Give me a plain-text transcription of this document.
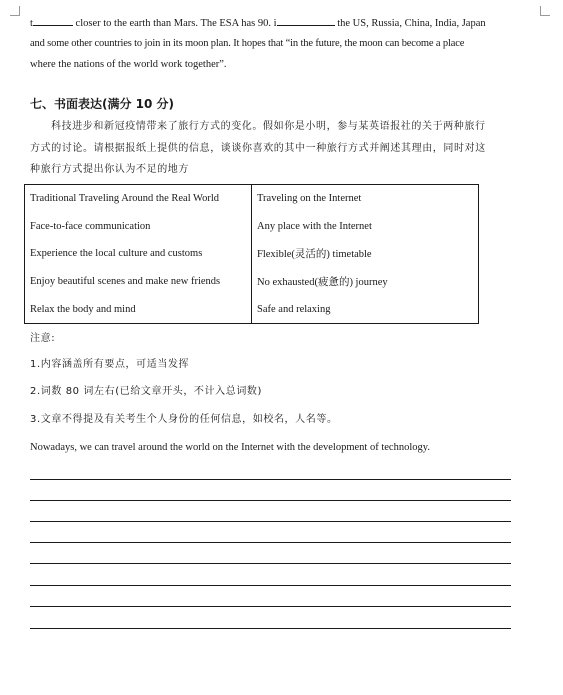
t	closer to the earth than Mars. The ESA has 90. i	the US, Russia, China, India, Japan
and some other countries to join in its moon plan. It hopes that “in the future, the moon can become a place
where the nations of the world work together”.
七、书面表达(满分 10 分)
科技进步和新冠疫情带来了旅行方式的变化。假如你是小明，参与某英语报社的关于两种旅行
方式的讨论。请根据报纸上提供的信息，谈谈你喜欢的其中一种旅行方式并阐述其理由，同时对这
种旅行方式提出你认为不足的地方
Traditional Traveling Around the Real World	Traveling on the Internet
Face-to-face communication	Any place with the Internet
Experience the local culture and customs	Flexible(灵活的) timetable
Enjoy beautiful scenes and make new friends	No exhausted(疲惫的) journey
Relax the body and mind	Safe and relaxing
注意:
1.内容涵盖所有要点，可适当发挥
2.词数 80 词左右(已给文章开头，不计入总词数)
3.文章不得提及有关考生个人身份的任何信息，如校名，人名等。
Nowadays, we can travel around the world on the Internet with the development of technology.
